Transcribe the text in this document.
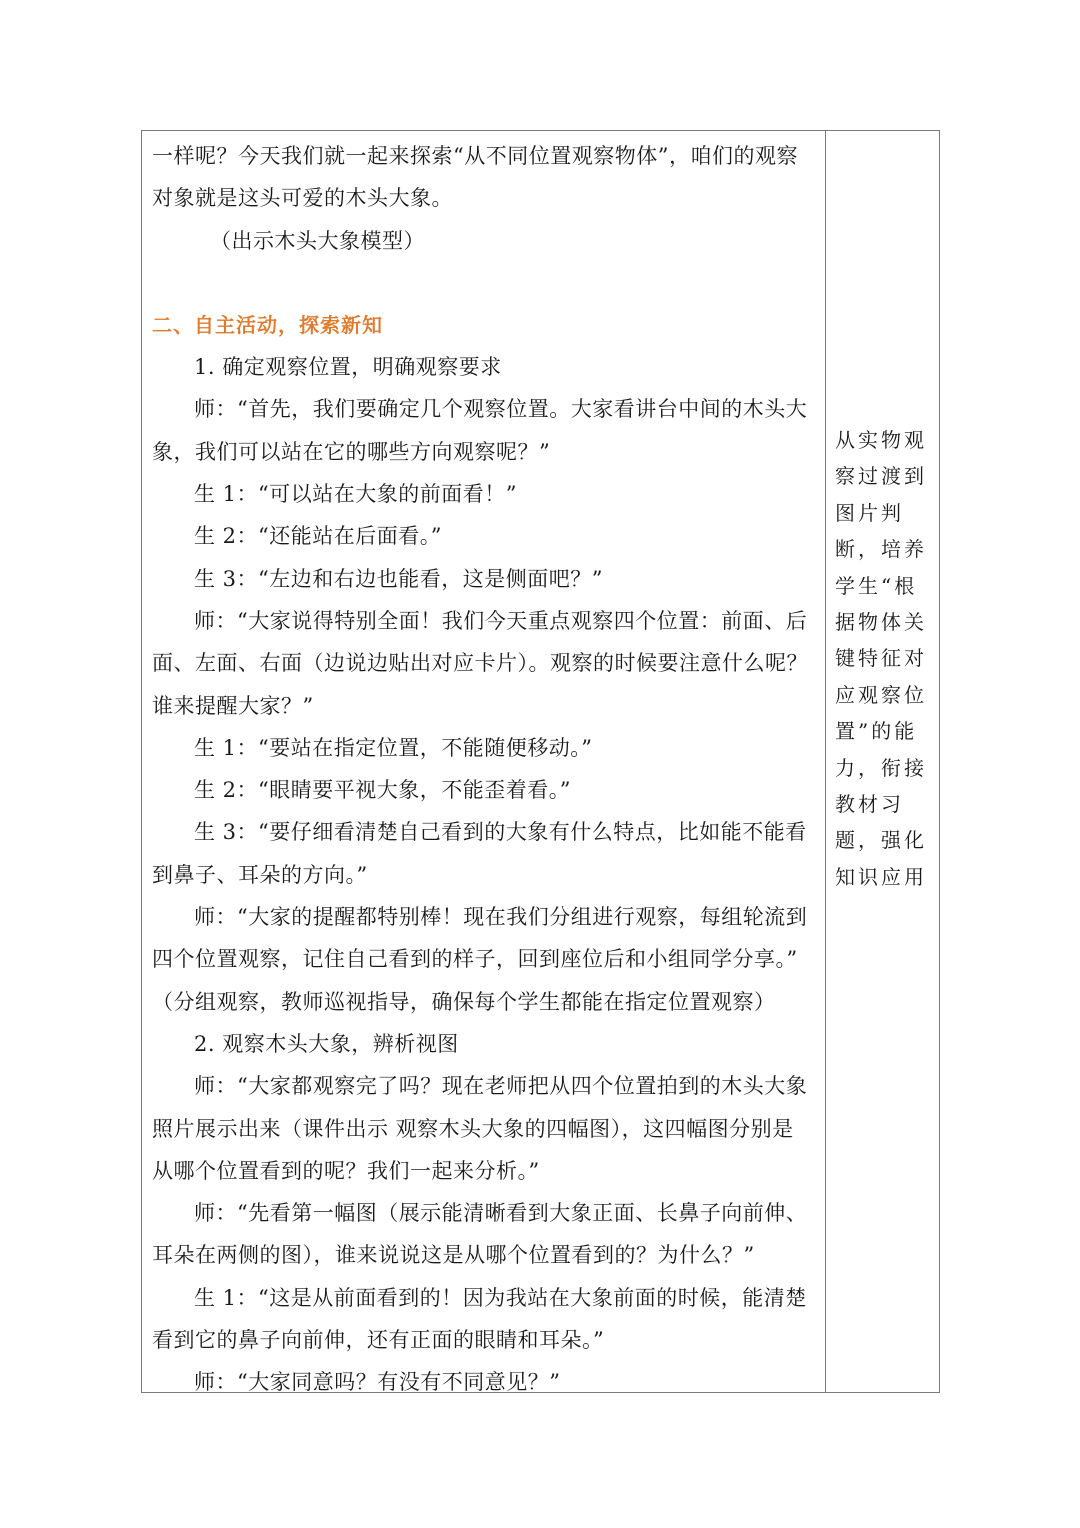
一样呢？今天我们就一起来探索“从不同位置观察物体”，咱们的观察

对象就是这头可爱的木头大象。

（出示木头大象模型）

二、自主活动，探索新知

1. 确定观察位置，明确观察要求

师：“首先，我们要确定几个观察位置。大家看讲台中间的木头大

象，我们可以站在它的哪些方向观察呢？”

生 1：“可以站在大象的前面看！”

生 2：“还能站在后面看。”

生 3：“左边和右边也能看，这是侧面吧？”

师：“大家说得特别全面！我们今天重点观察四个位置：前面、后

面、左面、右面（边说边贴出对应卡片）。观察的时候要注意什么呢？

谁来提醒大家？”

生 1：“要站在指定位置，不能随便移动。”

生 2：“眼睛要平视大象，不能歪着看。”

生 3：“要仔细看清楚自己看到的大象有什么特点，比如能不能看

到鼻子、耳朵的方向。”

师：“大家的提醒都特别棒！现在我们分组进行观察，每组轮流到

四个位置观察，记住自己看到的样子，回到座位后和小组同学分享。”

（分组观察，教师巡视指导，确保每个学生都能在指定位置观察）

2. 观察木头大象，辨析视图

师：“大家都观察完了吗？现在老师把从四个位置拍到的木头大象

照片展示出来（课件出示 观察木头大象的四幅图），这四幅图分别是

从哪个位置看到的呢？我们一起来分析。”

师：“先看第一幅图（展示能清晰看到大象正面、长鼻子向前伸、

耳朵在两侧的图），谁来说说这是从哪个位置看到的？为什么？”

生 1：“这是从前面看到的！因为我站在大象前面的时候，能清楚

看到它的鼻子向前伸，还有正面的眼睛和耳朵。”

师：“大家同意吗？有没有不同意见？”

从实物观

察过渡到

图片判

断，培养

学生“根

据物体关

键特征对

应观察位

置”的能

力，衔接

教材习

题，强化

知识应用
